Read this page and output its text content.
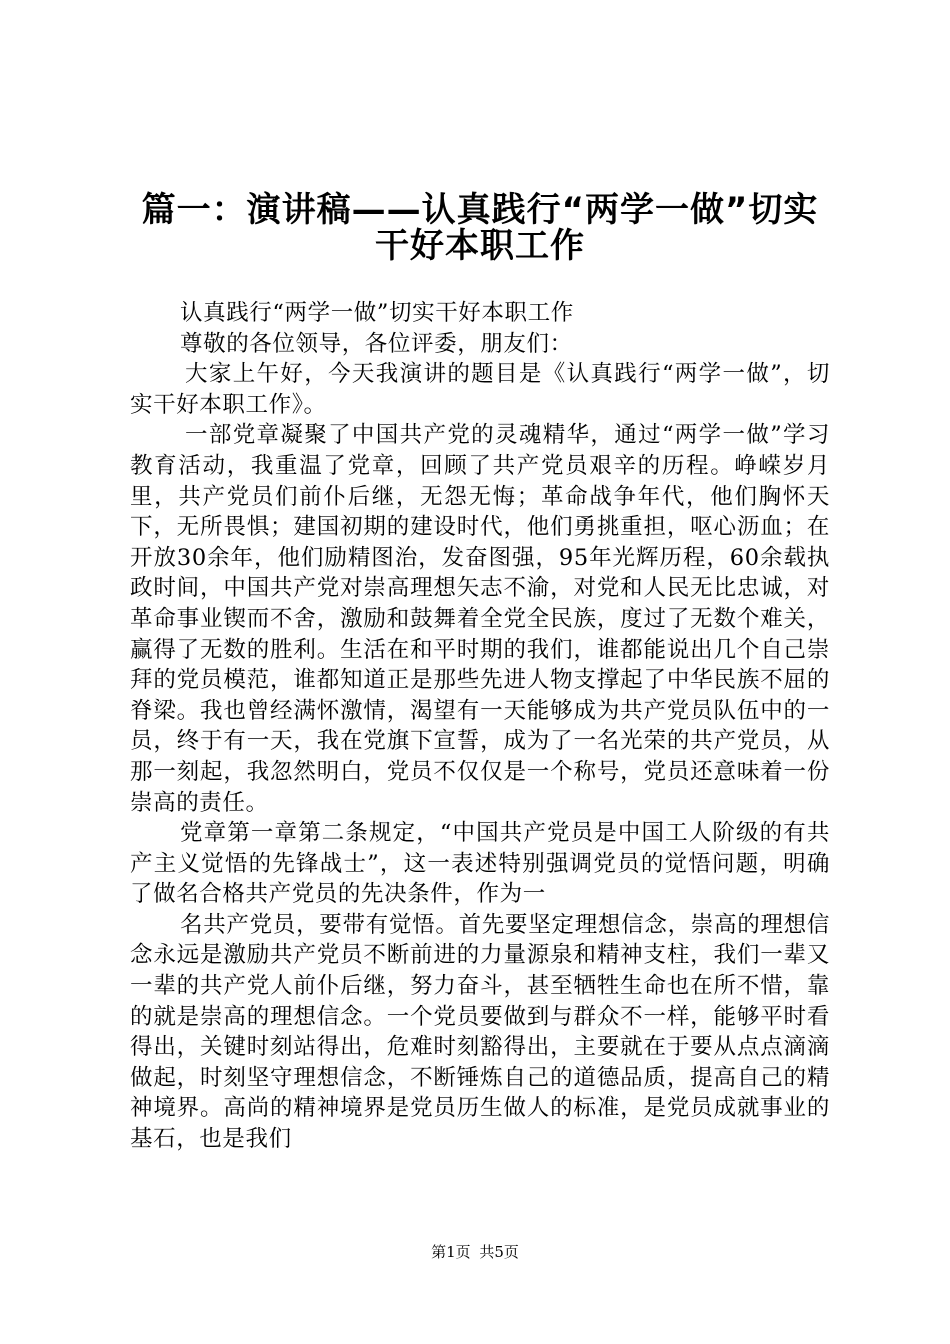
篇一：演讲稿——认真践行“两学一做”切实
干好本职工作

认真践行“两学一做”切实干好本职工作

尊敬的各位领导，各位评委，朋友们：

大家上午好，今天我演讲的题目是《认真践行“两学一做”，切实干好本职工作》。

一部党章凝聚了中国共产党的灵魂精华，通过“两学一做”学习教育活动，我重温了党章，回顾了共产党员艰辛的历程。峥嵘岁月里，共产党员们前仆后继，无怨无悔；革命战争年代，他们胸怀天下，无所畏惧；建国初期的建设时代，他们勇挑重担，呕心沥血；在开放30余年，他们励精图治，发奋图强，95年光辉历程，60余载执政时间，中国共产党对崇高理想矢志不渝，对党和人民无比忠诚，对革命事业锲而不舍，激励和鼓舞着全党全民族，度过了无数个难关，赢得了无数的胜利。生活在和平时期的我们，谁都能说出几个自己崇拜的党员模范，谁都知道正是那些先进人物支撑起了中华民族不屈的脊梁。我也曾经满怀激情，渴望有一天能够成为共产党员队伍中的一员，终于有一天，我在党旗下宣誓，成为了一名光荣的共产党员，从那一刻起，我忽然明白，党员不仅仅是一个称号，党员还意味着一份崇高的责任。

党章第一章第二条规定，“中国共产党员是中国工人阶级的有共产主义觉悟的先锋战士”，这一表述特别强调党员的觉悟问题，明确了做名合格共产党员的先决条件，作为一

名共产党员，要带有觉悟。首先要坚定理想信念，崇高的理想信念永远是激励共产党员不断前进的力量源泉和精神支柱，我们一辈又一辈的共产党人前仆后继，努力奋斗，甚至牺牲生命也在所不惜，靠的就是崇高的理想信念。一个党员要做到与群众不一样，能够平时看得出，关键时刻站得出，危难时刻豁得出，主要就在于要从点点滴滴做起，时刻坚守理想信念，不断锤炼自己的道德品质，提高自己的精神境界。高尚的精神境界是党员历生做人的标准，是党员成就事业的基石，也是我们

第1页 共5页
